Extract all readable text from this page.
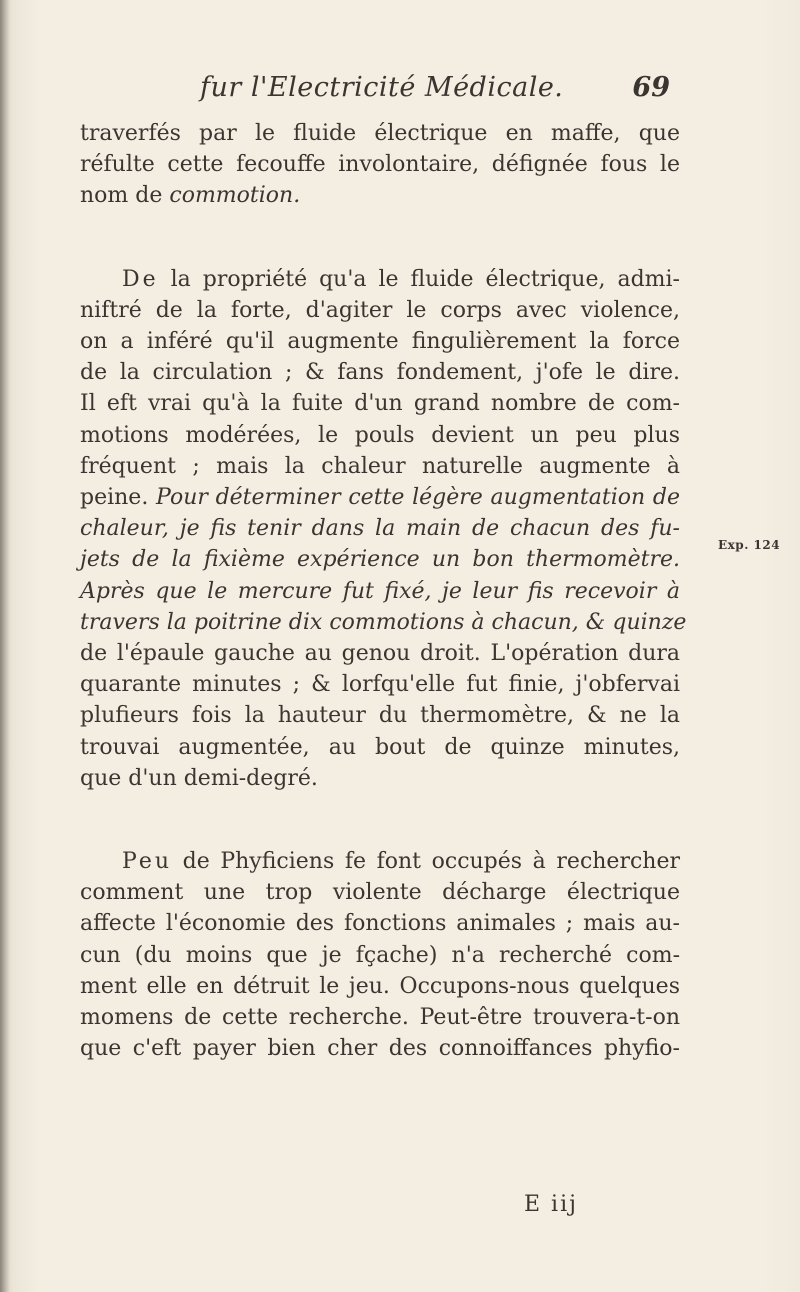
fur l'Electricité Médicale.	69
traverfés par le fluide électrique en maffe, que
réfulte cette fecouffe involontaire, défignée fous le
nom de commotion.
De la propriété qu'a le fluide électrique, admi-
niftré de la forte, d'agiter le corps avec violence,
on a inféré qu'il augmente fingulièrement la force
de la circulation ; & fans fondement, j'ofe le dire.
Il eft vrai qu'à la fuite d'un grand nombre de com-
motions modérées, le pouls devient un peu plus
fréquent ; mais la chaleur naturelle augmente à
peine. Pour déterminer cette légère augmentation de
chaleur, je fis tenir dans la main de chacun des fu-
jets de la fixième expérience un bon thermomètre.
Après que le mercure fut fixé, je leur fis recevoir à
travers la poitrine dix commotions à chacun, & quinze
de l'épaule gauche au genou droit. L'opération dura
quarante minutes ; & lorfqu'elle fut finie, j'obfervai
plufieurs fois la hauteur du thermomètre, & ne la
trouvai augmentée, au bout de quinze minutes,
que d'un demi-degré.
Peu de Phyficiens fe font occupés à rechercher
comment une trop violente décharge électrique
affecte l'économie des fonctions animales ; mais au-
cun (du moins que je fçache) n'a recherché com-
ment elle en détruit le jeu. Occupons-nous quelques
momens de cette recherche. Peut-être trouvera-t-on
que c'eft payer bien cher des connoiffances phyfio-
Exp. 124
E iij
